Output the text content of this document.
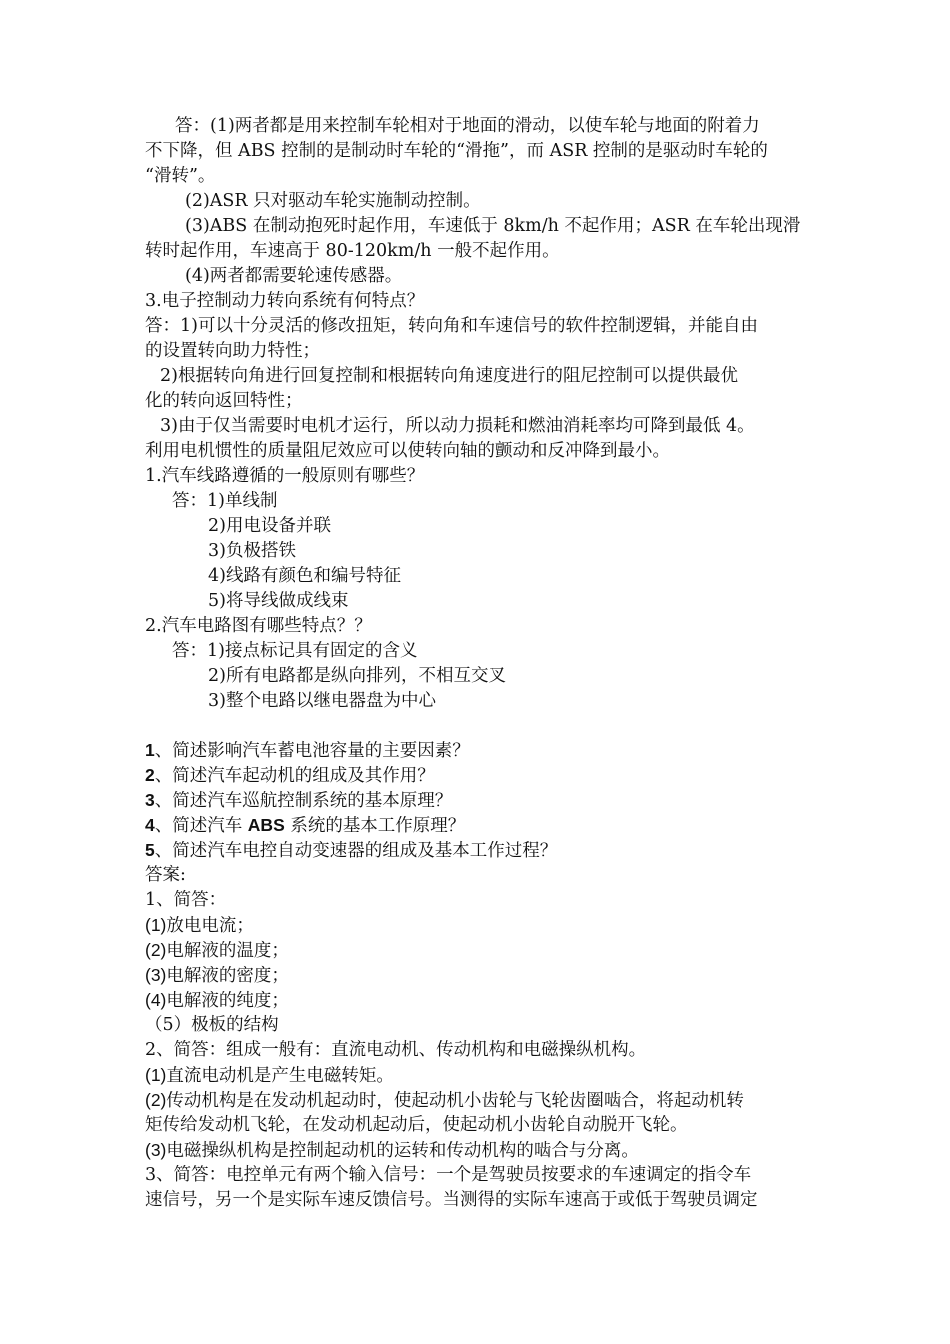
答：(1)两者都是用来控制车轮相对于地面的滑动，以使车轮与地面的附着力
不下降，但 ABS 控制的是制动时车轮的“滑拖”，而 ASR 控制的是驱动时车轮的
“滑转”。
(2)ASR 只对驱动车轮实施制动控制。
(3)ABS 在制动抱死时起作用，车速低于 8km/h 不起作用；ASR 在车轮出现滑
转时起作用，车速高于 80-120km/h 一般不起作用。
(4)两者都需要轮速传感器。
3.电子控制动力转向系统有何特点？
答：1)可以十分灵活的修改扭矩，转向角和车速信号的软件控制逻辑，并能自由
的设置转向助力特性；
2)根据转向角进行回复控制和根据转向角速度进行的阻尼控制可以提供最优
化的转向返回特性；
3)由于仅当需要时电机才运行，所以动力损耗和燃油消耗率均可降到最低 4。
利用电机惯性的质量阻尼效应可以使转向轴的颤动和反冲降到最小。
1.汽车线路遵循的一般原则有哪些？
答：1)单线制
2)用电设备并联
3)负极搭铁
4)线路有颜色和编号特征
5)将导线做成线束
2.汽车电路图有哪些特点？？
答：1)接点标记具有固定的含义
2)所有电路都是纵向排列，不相互交叉
3)整个电路以继电器盘为中心
1、简述影响汽车蓄电池容量的主要因素？
2、简述汽车起动机的组成及其作用？
3、简述汽车巡航控制系统的基本原理？
4、简述汽车 ABS 系统的基本工作原理？
5、简述汽车电控自动变速器的组成及基本工作过程？
答案:
1、简答：
(1)放电电流；
(2)电解液的温度；
(3)电解液的密度；
(4)电解液的纯度；
（5）极板的结构
2、简答：组成一般有：直流电动机、传动机构和电磁操纵机构。
(1)直流电动机是产生电磁转矩。
(2)传动机构是在发动机起动时，使起动机小齿轮与飞轮齿圈啮合，将起动机转
矩传给发动机飞轮，在发动机起动后，使起动机小齿轮自动脱开飞轮。
(3)电磁操纵机构是控制起动机的运转和传动机构的啮合与分离。
3、简答：电控单元有两个输入信号：一个是驾驶员按要求的车速调定的指令车
速信号，另一个是实际车速反馈信号。当测得的实际车速高于或低于驾驶员调定
